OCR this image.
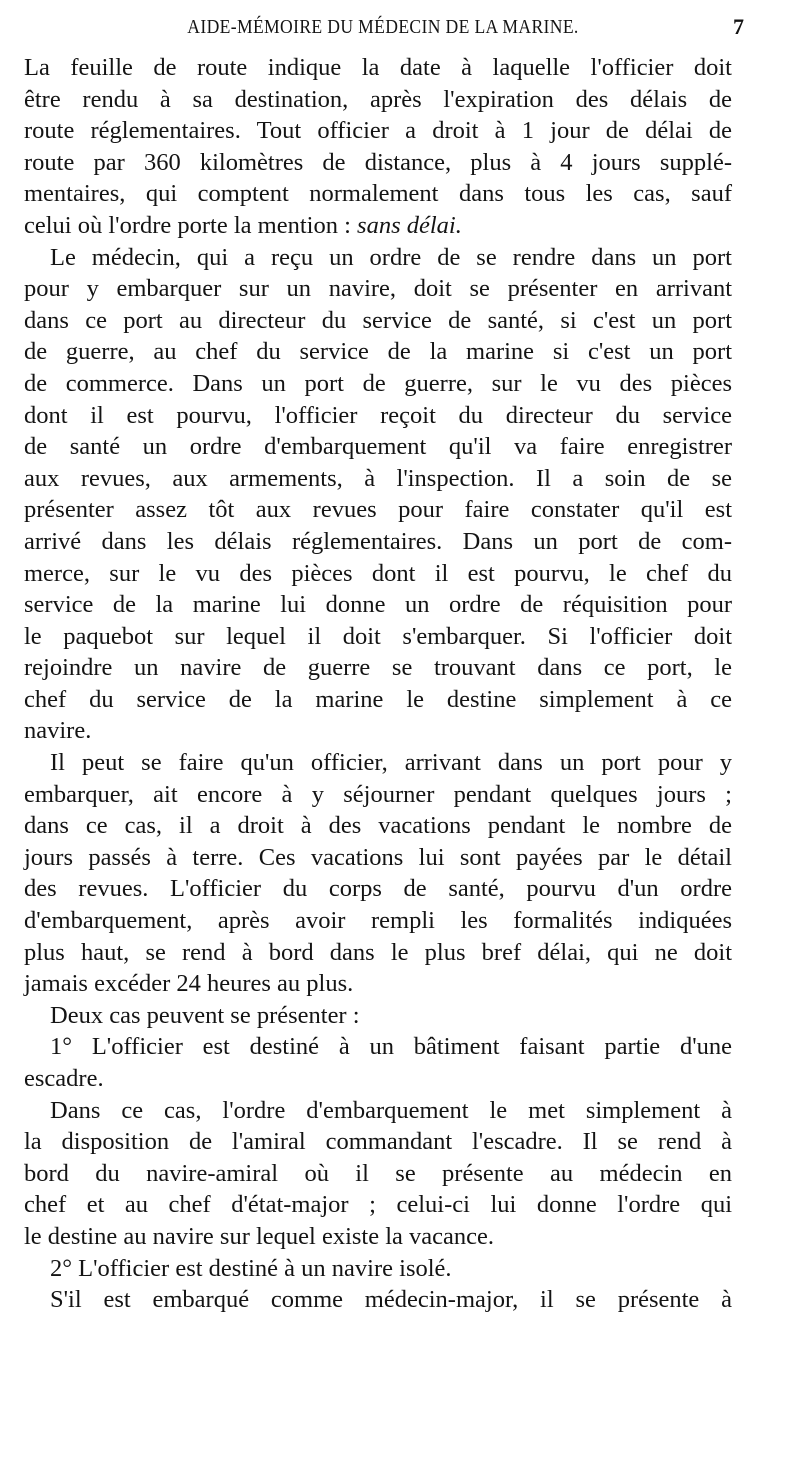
AIDE-MÉMOIRE DU MÉDECIN DE LA MARINE.	7
La feuille de route indique la date à laquelle l'officier doit
être rendu à sa destination, après l'expiration des délais de
route réglementaires. Tout officier a droit à 1 jour de délai de
route par 360 kilomètres de distance, plus à 4 jours supplé-
mentaires, qui comptent normalement dans tous les cas, sauf
celui où l'ordre porte la mention : sans délai.
Le médecin, qui a reçu un ordre de se rendre dans un port
pour y embarquer sur un navire, doit se présenter en arrivant
dans ce port au directeur du service de santé, si c'est un port
de guerre, au chef du service de la marine si c'est un port
de commerce. Dans un port de guerre, sur le vu des pièces
dont il est pourvu, l'officier reçoit du directeur du service
de santé un ordre d'embarquement qu'il va faire enregistrer
aux revues, aux armements, à l'inspection. Il a soin de se
présenter assez tôt aux revues pour faire constater qu'il est
arrivé dans les délais réglementaires. Dans un port de com-
merce, sur le vu des pièces dont il est pourvu, le chef du
service de la marine lui donne un ordre de réquisition pour
le paquebot sur lequel il doit s'embarquer. Si l'officier doit
rejoindre un navire de guerre se trouvant dans ce port, le
chef du service de la marine le destine simplement à ce
navire.
Il peut se faire qu'un officier, arrivant dans un port pour y
embarquer, ait encore à y séjourner pendant quelques jours ;
dans ce cas, il a droit à des vacations pendant le nombre de
jours passés à terre. Ces vacations lui sont payées par le détail
des revues. L'officier du corps de santé, pourvu d'un ordre
d'embarquement, après avoir rempli les formalités indiquées
plus haut, se rend à bord dans le plus bref délai, qui ne doit
jamais excéder 24 heures au plus.
Deux cas peuvent se présenter :
1° L'officier est destiné à un bâtiment faisant partie d'une
escadre.
Dans ce cas, l'ordre d'embarquement le met simplement à
la disposition de l'amiral commandant l'escadre. Il se rend à
bord du navire-amiral où il se présente au médecin en
chef et au chef d'état-major ; celui-ci lui donne l'ordre qui
le destine au navire sur lequel existe la vacance.
2° L'officier est destiné à un navire isolé.
S'il est embarqué comme médecin-major, il se présente à
